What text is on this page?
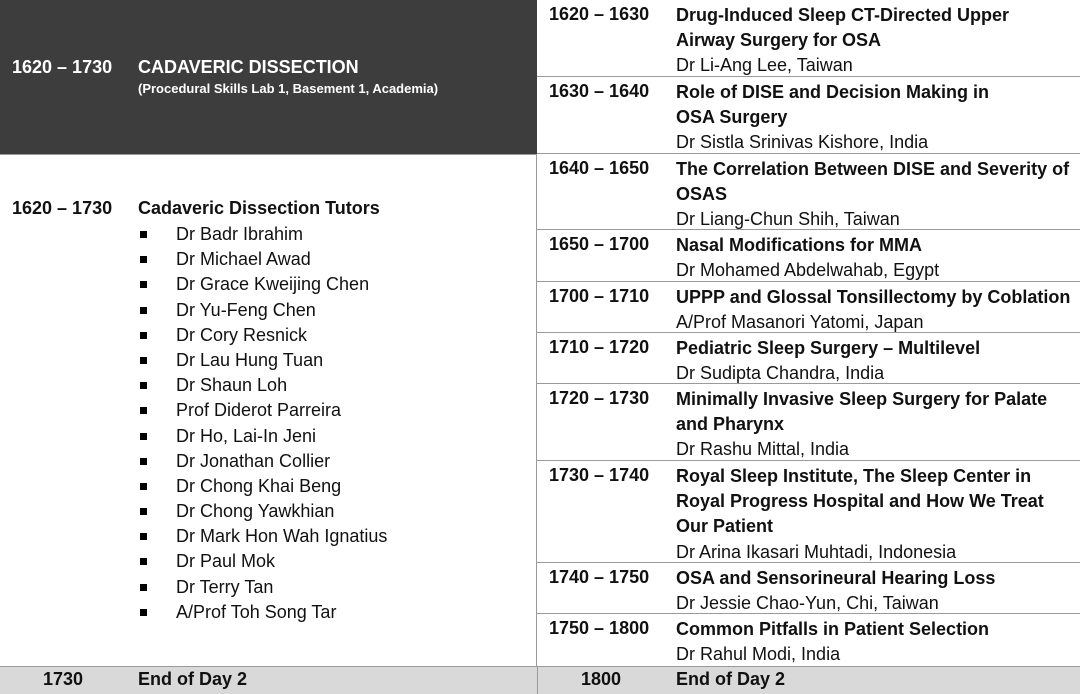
1620 – 1730 CADAVERIC DISSECTION
(Procedural Skills Lab 1, Basement 1, Academia)
1620 – 1730 Cadaveric Dissection Tutors
Dr Badr Ibrahim
Dr Michael Awad
Dr Grace Kweijing Chen
Dr Yu-Feng Chen
Dr Cory Resnick
Dr Lau Hung Tuan
Dr Shaun Loh
Prof Diderot Parreira
Dr Ho, Lai-In Jeni
Dr Jonathan Collier
Dr Chong Khai Beng
Dr Chong Yawkhian
Dr Mark Hon Wah Ignatius
Dr Paul Mok
Dr Terry Tan
A/Prof Toh Song Tar
1620 – 1630 Drug-Induced Sleep CT-Directed Upper
Airway Surgery for OSA
Dr Li-Ang Lee, Taiwan
1630 – 1640 Role of DISE and Decision Making in
OSA Surgery
Dr Sistla Srinivas Kishore, India
1640 – 1650 The Correlation Between DISE and Severity of
OSAS
Dr Liang-Chun Shih, Taiwan
1650 – 1700 Nasal Modifications for MMA
Dr Mohamed Abdelwahab, Egypt
1700 – 1710 UPPP and Glossal Tonsillectomy by Coblation
A/Prof Masanori Yatomi, Japan
1710 – 1720 Pediatric Sleep Surgery – Multilevel
Dr Sudipta Chandra, India
1720 – 1730 Minimally Invasive Sleep Surgery for Palate
and Pharynx
Dr Rashu Mittal, India
1730 – 1740 Royal Sleep Institute, The Sleep Center in
Royal Progress Hospital and How We Treat
Our Patient
Dr Arina Ikasari Muhtadi, Indonesia
1740 – 1750 OSA and Sensorineural Hearing Loss
Dr Jessie Chao-Yun, Chi, Taiwan
1750 – 1800 Common Pitfalls in Patient Selection
Dr Rahul Modi, India
1730	End of Day 2	1800	End of Day 2
